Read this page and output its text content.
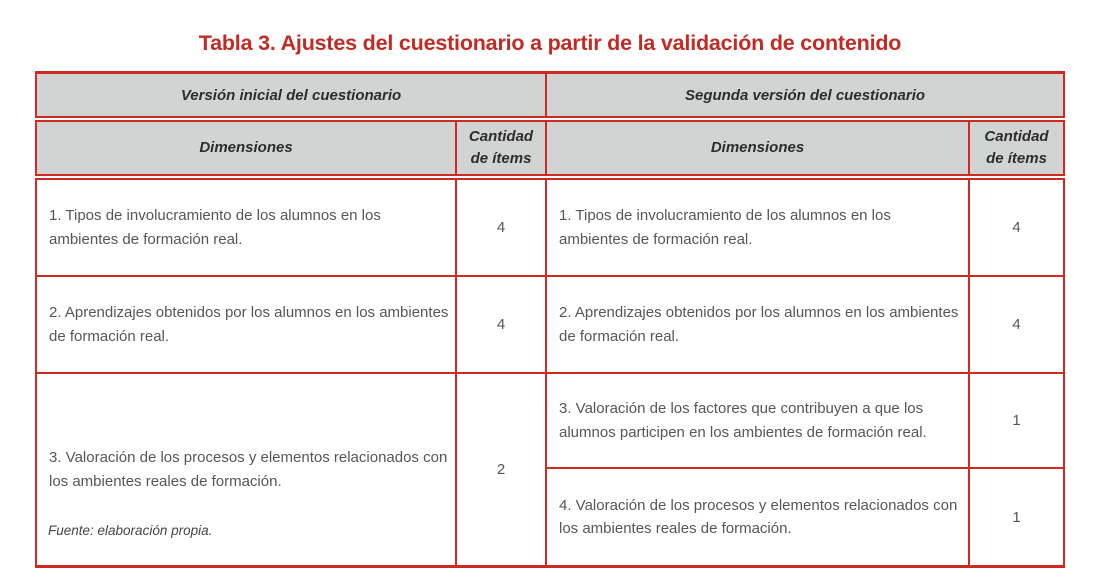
Tabla 3. Ajustes del cuestionario a partir de la validación de contenido
Versión inicial del cuestionario		Segunda versión del cuestionario	
Dimensiones	Cantidad de ítems	Dimensiones	Cantidad de ítems
1. Tipos de involucramiento de los alumnos en los ambientes de formación real.	4	1. Tipos de involucramiento de los alumnos en los ambientes de formación real.	4
2. Aprendizajes obtenidos por los alumnos en los ambientes de formación real.	4	2. Aprendizajes obtenidos por los alumnos en los ambientes de formación real.	4
3. Valoración de los procesos y elementos relacionados con los ambientes reales de formación.	2	3. Valoración de los factores que contribuyen a que los alumnos participen en los ambientes de formación real.	1
		4. Valoración de los procesos y elementos relacionados con los ambientes reales de formación.	1

Fuente: elaboración propia.
